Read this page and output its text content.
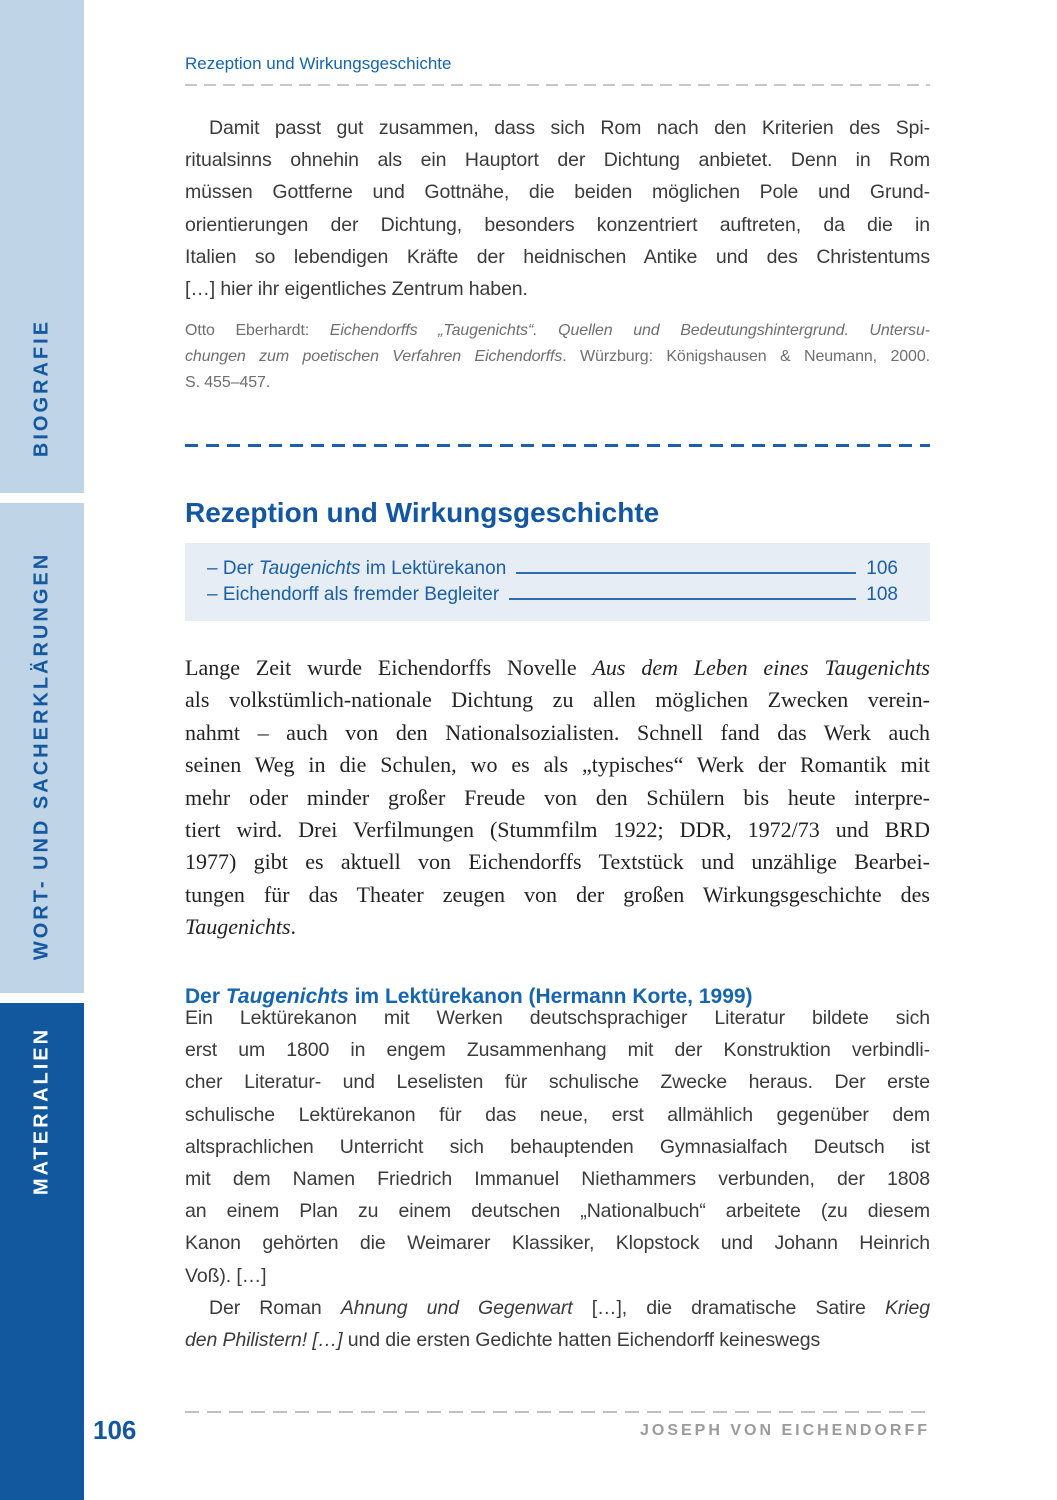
BIOGRAFIE
WORT- UND SACHERKLÄRUNGEN
MATERIALIEN
Rezeption und Wirkungsgeschichte
Damit passt gut zusammen, dass sich Rom nach den Kriterien des Spi-
ritualsinns ohnehin als ein Hauptort der Dichtung anbietet. Denn in Rom
müssen Gottferne und Gottnähe, die beiden möglichen Pole und Grund-
orientierungen der Dichtung, besonders konzentriert auftreten, da die in
Italien so lebendigen Kräfte der heidnischen Antike und des Christentums
[…] hier ihr eigentliches Zentrum haben.
Otto Eberhardt: Eichendorffs „Taugenichts“. Quellen und Bedeutungshintergrund. Untersu-
chungen zum poetischen Verfahren Eichendorffs. Würzburg: Königshausen & Neumann, 2000.
S. 455–457.
Rezeption und Wirkungsgeschichte
– Der Taugenichts im Lektürekanon	106
– Eichendorff als fremder Begleiter	108
Lange Zeit wurde Eichendorffs Novelle Aus dem Leben eines Taugenichts
als volkstümlich-nationale Dichtung zu allen möglichen Zwecken verein-
nahmt – auch von den Nationalsozialisten. Schnell fand das Werk auch
seinen Weg in die Schulen, wo es als „typisches“ Werk der Romantik mit
mehr oder minder großer Freude von den Schülern bis heute interpre-
tiert wird. Drei Verfilmungen (Stummfilm 1922; DDR, 1972/73 und BRD
1977) gibt es aktuell von Eichendorffs Textstück und unzählige Bearbei-
tungen für das Theater zeugen von der großen Wirkungsgeschichte des
Taugenichts.
Der Taugenichts im Lektürekanon (Hermann Korte, 1999)
Ein Lektürekanon mit Werken deutschsprachiger Literatur bildete sich
erst um 1800 in engem Zusammenhang mit der Konstruktion verbindli-
cher Literatur- und Leselisten für schulische Zwecke heraus. Der erste
schulische Lektürekanon für das neue, erst allmählich gegenüber dem
altsprachlichen Unterricht sich behauptenden Gymnasialfach Deutsch ist
mit dem Namen Friedrich Immanuel Niethammers verbunden, der 1808
an einem Plan zu einem deutschen „Nationalbuch“ arbeitete (zu diesem
Kanon gehörten die Weimarer Klassiker, Klopstock und Johann Heinrich
Voß). […]
Der Roman Ahnung und Gegenwart […], die dramatische Satire Krieg
den Philistern! […] und die ersten Gedichte hatten Eichendorff keineswegs
106	JOSEPH VON EICHENDORFF
